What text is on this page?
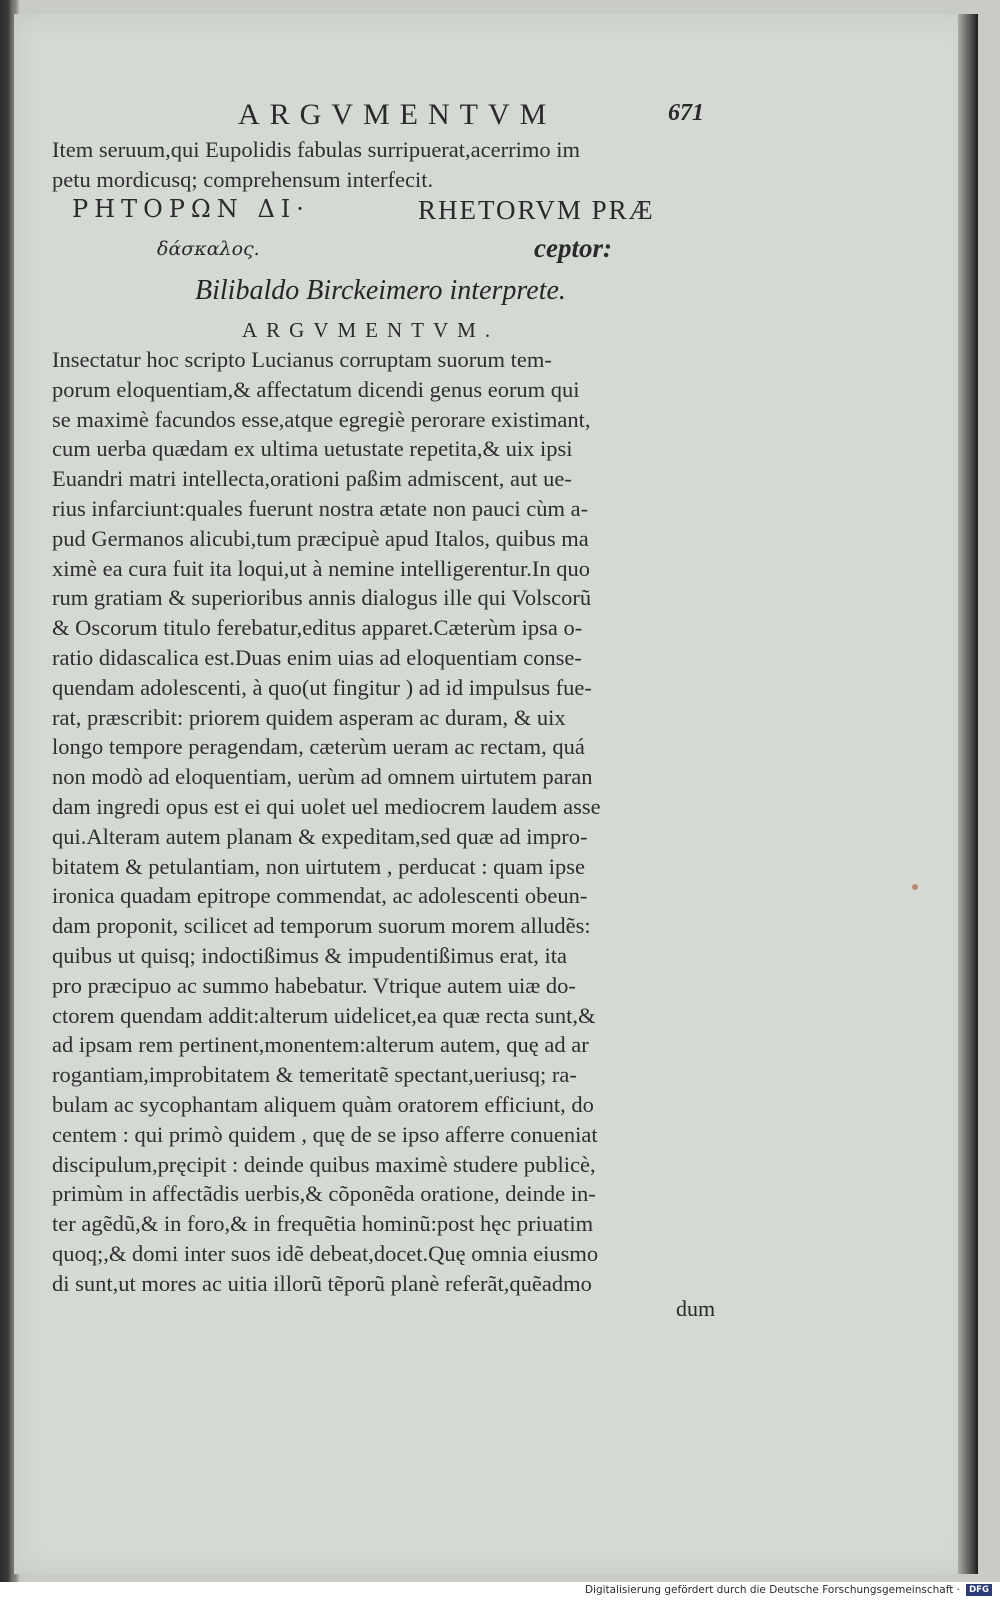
ARGVMENTVM	671
Item seruum,qui Eupolidis fabulas surripuerat,acerrimo im
petu mordicusq; comprehensum interfecit.
ΡΗΤΟΡΩΝ ΔΙ·	RHETORVM PRÆ
δάσκαλος.	ceptor:
Bilibaldo Birckeimero interprete.
ARGVMENTVM.
Insectatur hoc scripto Lucianus corruptam suorum tem-
porum eloquentiam,& affectatum dicendi genus eorum qui
se maximè facundos esse,atque egregiè perorare existimant,
cum uerba quædam ex ultima uetustate repetita,& uix ipsi
Euandri matri intellecta,orationi paßim admiscent, aut ue-
rius infarciunt:quales fuerunt nostra ætate non pauci cùm a-
pud Germanos alicubi,tum præcipuè apud Italos, quibus ma
ximè ea cura fuit ita loqui,ut à nemine intelligerentur.In quo
rum gratiam & superioribus annis dialogus ille qui Volscorũ
& Oscorum titulo ferebatur,editus apparet.Cæterùm ipsa o-
ratio didascalica est.Duas enim uias ad eloquentiam conse-
quendam adolescenti, à quo(ut fingitur ) ad id impulsus fue-
rat, præscribit: priorem quidem asperam ac duram, & uix
longo tempore peragendam, cæterùm ueram ac rectam, quá
non modò ad eloquentiam, uerùm ad omnem uirtutem paran
dam ingredi opus est ei qui uolet uel mediocrem laudem asse
qui.Alteram autem planam & expeditam,sed quæ ad impro-
bitatem & petulantiam, non uirtutem , perducat : quam ipse
ironica quadam epitrope commendat, ac adolescenti obeun-
dam proponit, scilicet ad temporum suorum morem alludẽs:
quibus ut quisq; indoctißimus & impudentißimus erat, ita
pro præcipuo ac summo habebatur. Vtrique autem uiæ do-
ctorem quendam addit:alterum uidelicet,ea quæ recta sunt,&
ad ipsam rem pertinent,monentem:alterum autem, quę ad ar
rogantiam,improbitatem & temeritatẽ spectant,ueriusq; ra-
bulam ac sycophantam aliquem quàm oratorem efficiunt, do
centem : qui primò quidem , quę de se ipso afferre conueniat
discipulum,pręcipit : deinde quibus maximè studere publicè,
primùm in affectãdis uerbis,& cõponẽda oratione, deinde in-
ter agẽdũ,& in foro,& in frequẽtia hominũ:post hęc priuatim
quoq;,& domi inter suos idẽ debeat,docet.Quę omnia eiusmo
di sunt,ut mores ac uitia illorũ tẽporũ planè referãt,quẽadmo
dum
Digitalisierung gefördert durch die Deutsche Forschungsgemeinschaft ·	DFG
